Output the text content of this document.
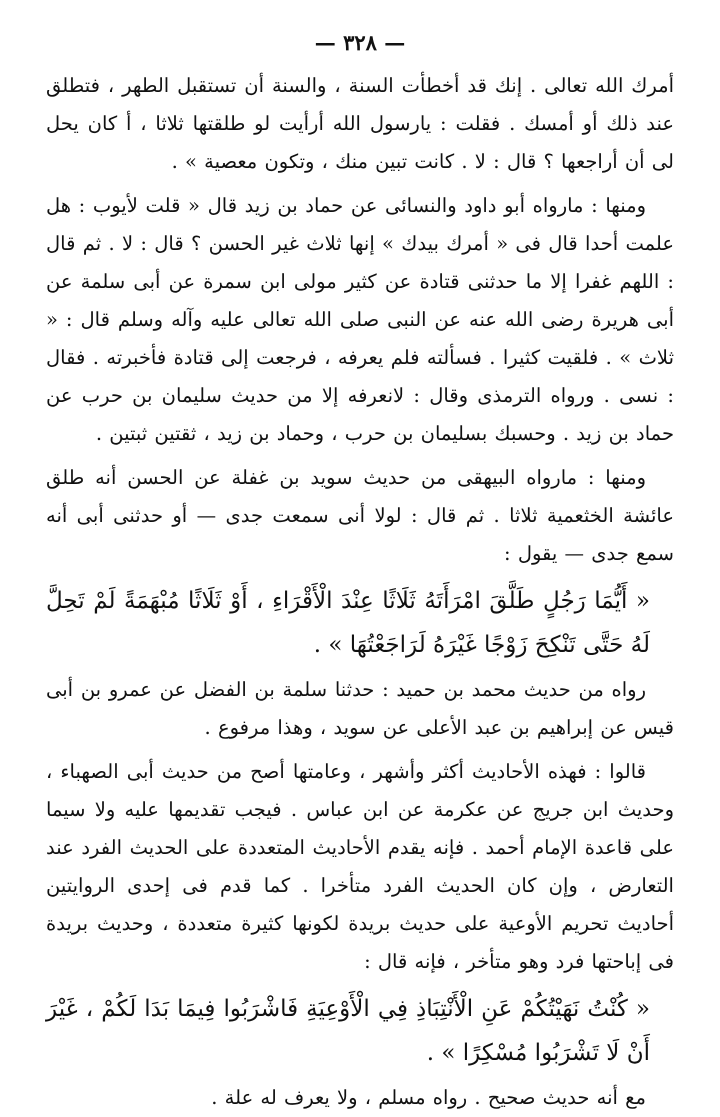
— ٣٢٨ —
أمرك الله تعالى . إنك قد أخطأت السنة ، والسنة أن تستقبل الطهر ، فتطلق عند ذلك أو أمسك . فقلت : يارسول الله أرأيت لو طلقتها ثلاثا ، أ كان يحل لى أن أراجعها ؟ قال : لا . كانت تبين منك ، وتكون معصية » .
ومنها : مارواه أبو داود والنسائى عن حماد بن زيد قال « قلت لأيوب : هل علمت أحدا قال فى « أمرك بيدك » إنها ثلاث غير الحسن ؟ قال : لا . ثم قال : اللهم غفرا إلا ما حدثنى قتادة عن كثير مولى ابن سمرة عن أبى سلمة عن أبى هريرة رضى الله عنه عن النبى صلى الله تعالى عليه وآله وسلم قال : « ثلاث » . فلقيت كثيرا . فسألته فلم يعرفه ، فرجعت إلى قتادة فأخبرته . فقال : نسى . ورواه الترمذى وقال : لانعرفه إلا من حديث سليمان بن حرب عن حماد بن زيد . وحسبك بسليمان بن حرب ، وحماد بن زيد ، ثقتين ثبتين .
ومنها : مارواه البيهقى من حديث سويد بن غفلة عن الحسن أنه طلق عائشة الخثعمية ثلاثا . ثم قال : لولا أنى سمعت جدى — أو حدثنى أبى أنه سمع جدى — يقول :
« أَيُّمَا رَجُلٍ طَلَّقَ امْرَأَتَهُ ثَلَاثًا عِنْدَ الْأَقْرَاءِ ، أَوْ ثَلَاثًا مُبْهَمَةً لَمْ تَحِلَّ لَهُ حَتَّى تَنْكِحَ زَوْجًا غَيْرَهُ لَرَاجَعْتُهَا » .
رواه من حديث محمد بن حميد : حدثنا سلمة بن الفضل عن عمرو بن أبى قيس عن إبراهيم بن عبد الأعلى عن سويد ، وهذا مرفوع .
قالوا : فهذه الأحاديث أكثر وأشهر ، وعامتها أصح من حديث أبى الصهباء ، وحديث ابن جريج عن عكرمة عن ابن عباس . فيجب تقديمها عليه ولا سيما على قاعدة الإمام أحمد . فإنه يقدم الأحاديث المتعددة على الحديث الفرد عند التعارض ، وإن كان الحديث الفرد متأخرا . كما قدم فى إحدى الروايتين أحاديث تحريم الأوعية على حديث بريدة لكونها كثيرة متعددة ، وحديث بريدة فى إباحتها فرد وهو متأخر ، فإنه قال :
« كُنْتُ نَهَيْتُكُمْ عَنِ الْأَنْتِبَاذِ فِي الْأَوْعِيَةِ فَاشْرَبُوا فِيمَا بَدَا لَكُمْ ، غَيْرَ أَنْ لَا تَشْرَبُوا مُسْكِرًا » .
مع أنه حديث صحيح . رواه مسلم ، ولا يعرف له علة .
